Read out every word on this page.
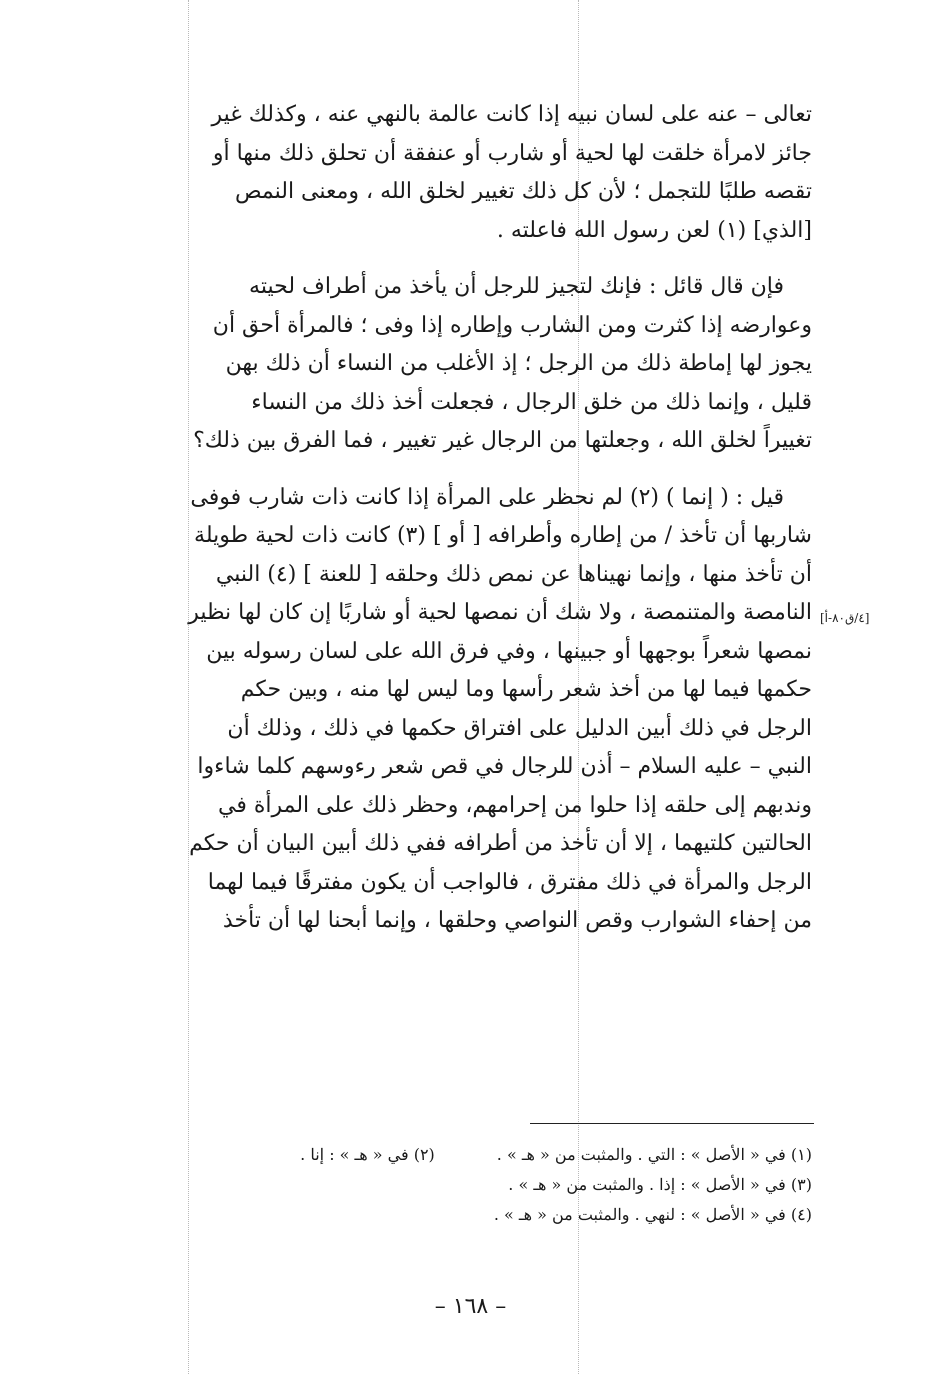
تعالى – عنه على لسان نبيه إذا كانت عالمة بالنهي عنه ، وكذلك غير
جائز لامرأة خلقت لها لحية أو شارب أو عنفقة أن تحلق ذلك منها أو
تقصه طلبًا للتجمل ؛ لأن كل ذلك تغيير لخلق الله ، ومعنى النمص
[الذي] (١) لعن رسول الله فاعلته .

فإن قال قائل : فإنك لتجيز للرجل أن يأخذ من أطراف لحيته
وعوارضه إذا كثرت ومن الشارب وإطاره إذا وفى ؛ فالمرأة أحق أن
يجوز لها إماطة ذلك من الرجل ؛ إذ الأغلب من النساء أن ذلك بهن
قليل ، وإنما ذلك من خلق الرجال ، فجعلت أخذ ذلك من النساء
تغييراً لخلق الله ، وجعلتها من الرجال غير تغيير ، فما الفرق بين ذلك؟

قيل : ( إنما ) (٢) لم نحظر على المرأة إذا كانت ذات شارب فوفى
شاربها أن تأخذ / من إطاره وأطرافه [ أو ] (٣) كانت ذات لحية طويلة
أن تأخذ منها ، وإنما نهيناها عن نمص ذلك وحلقه [ للعنة ] (٤) النبي
النامصة والمتنمصة ، ولا شك أن نمصها لحية أو شاربًا إن كان لها نظير
نمصها شعراً بوجهها أو جبينها ، وفي فرق الله على لسان رسوله بين
حكمها فيما لها من أخذ شعر رأسها وما ليس لها منه ، وبين حكم
الرجل في ذلك أبين الدليل على افتراق حكمها في ذلك ، وذلك أن
النبي – عليه السلام – أذن للرجال في قص شعر رءوسهم كلما شاءوا
وندبهم إلى حلقه إذا حلوا من إحرامهم، وحظر ذلك على المرأة في
الحالتين كلتيهما ، إلا أن تأخذ من أطرافه ففي ذلك أبين البيان أن حكم
الرجل والمرأة في ذلك مفترق ، فالواجب أن يكون مفترقًا فيما لهما
من إحفاء الشوارب وقص النواصي وحلقها ، وإنما أبحنا لها أن تأخذ

[٤/ق٨٠-أ]
(١) في « الأصل » : التي . والمثبت من « هـ » .
(٢) في « هـ » : إنا .
(٣) في « الأصل » : إذا . والمثبت من « هـ » .
(٤) في « الأصل » : لنهي . والمثبت من « هـ » .
– ١٦٨ –
